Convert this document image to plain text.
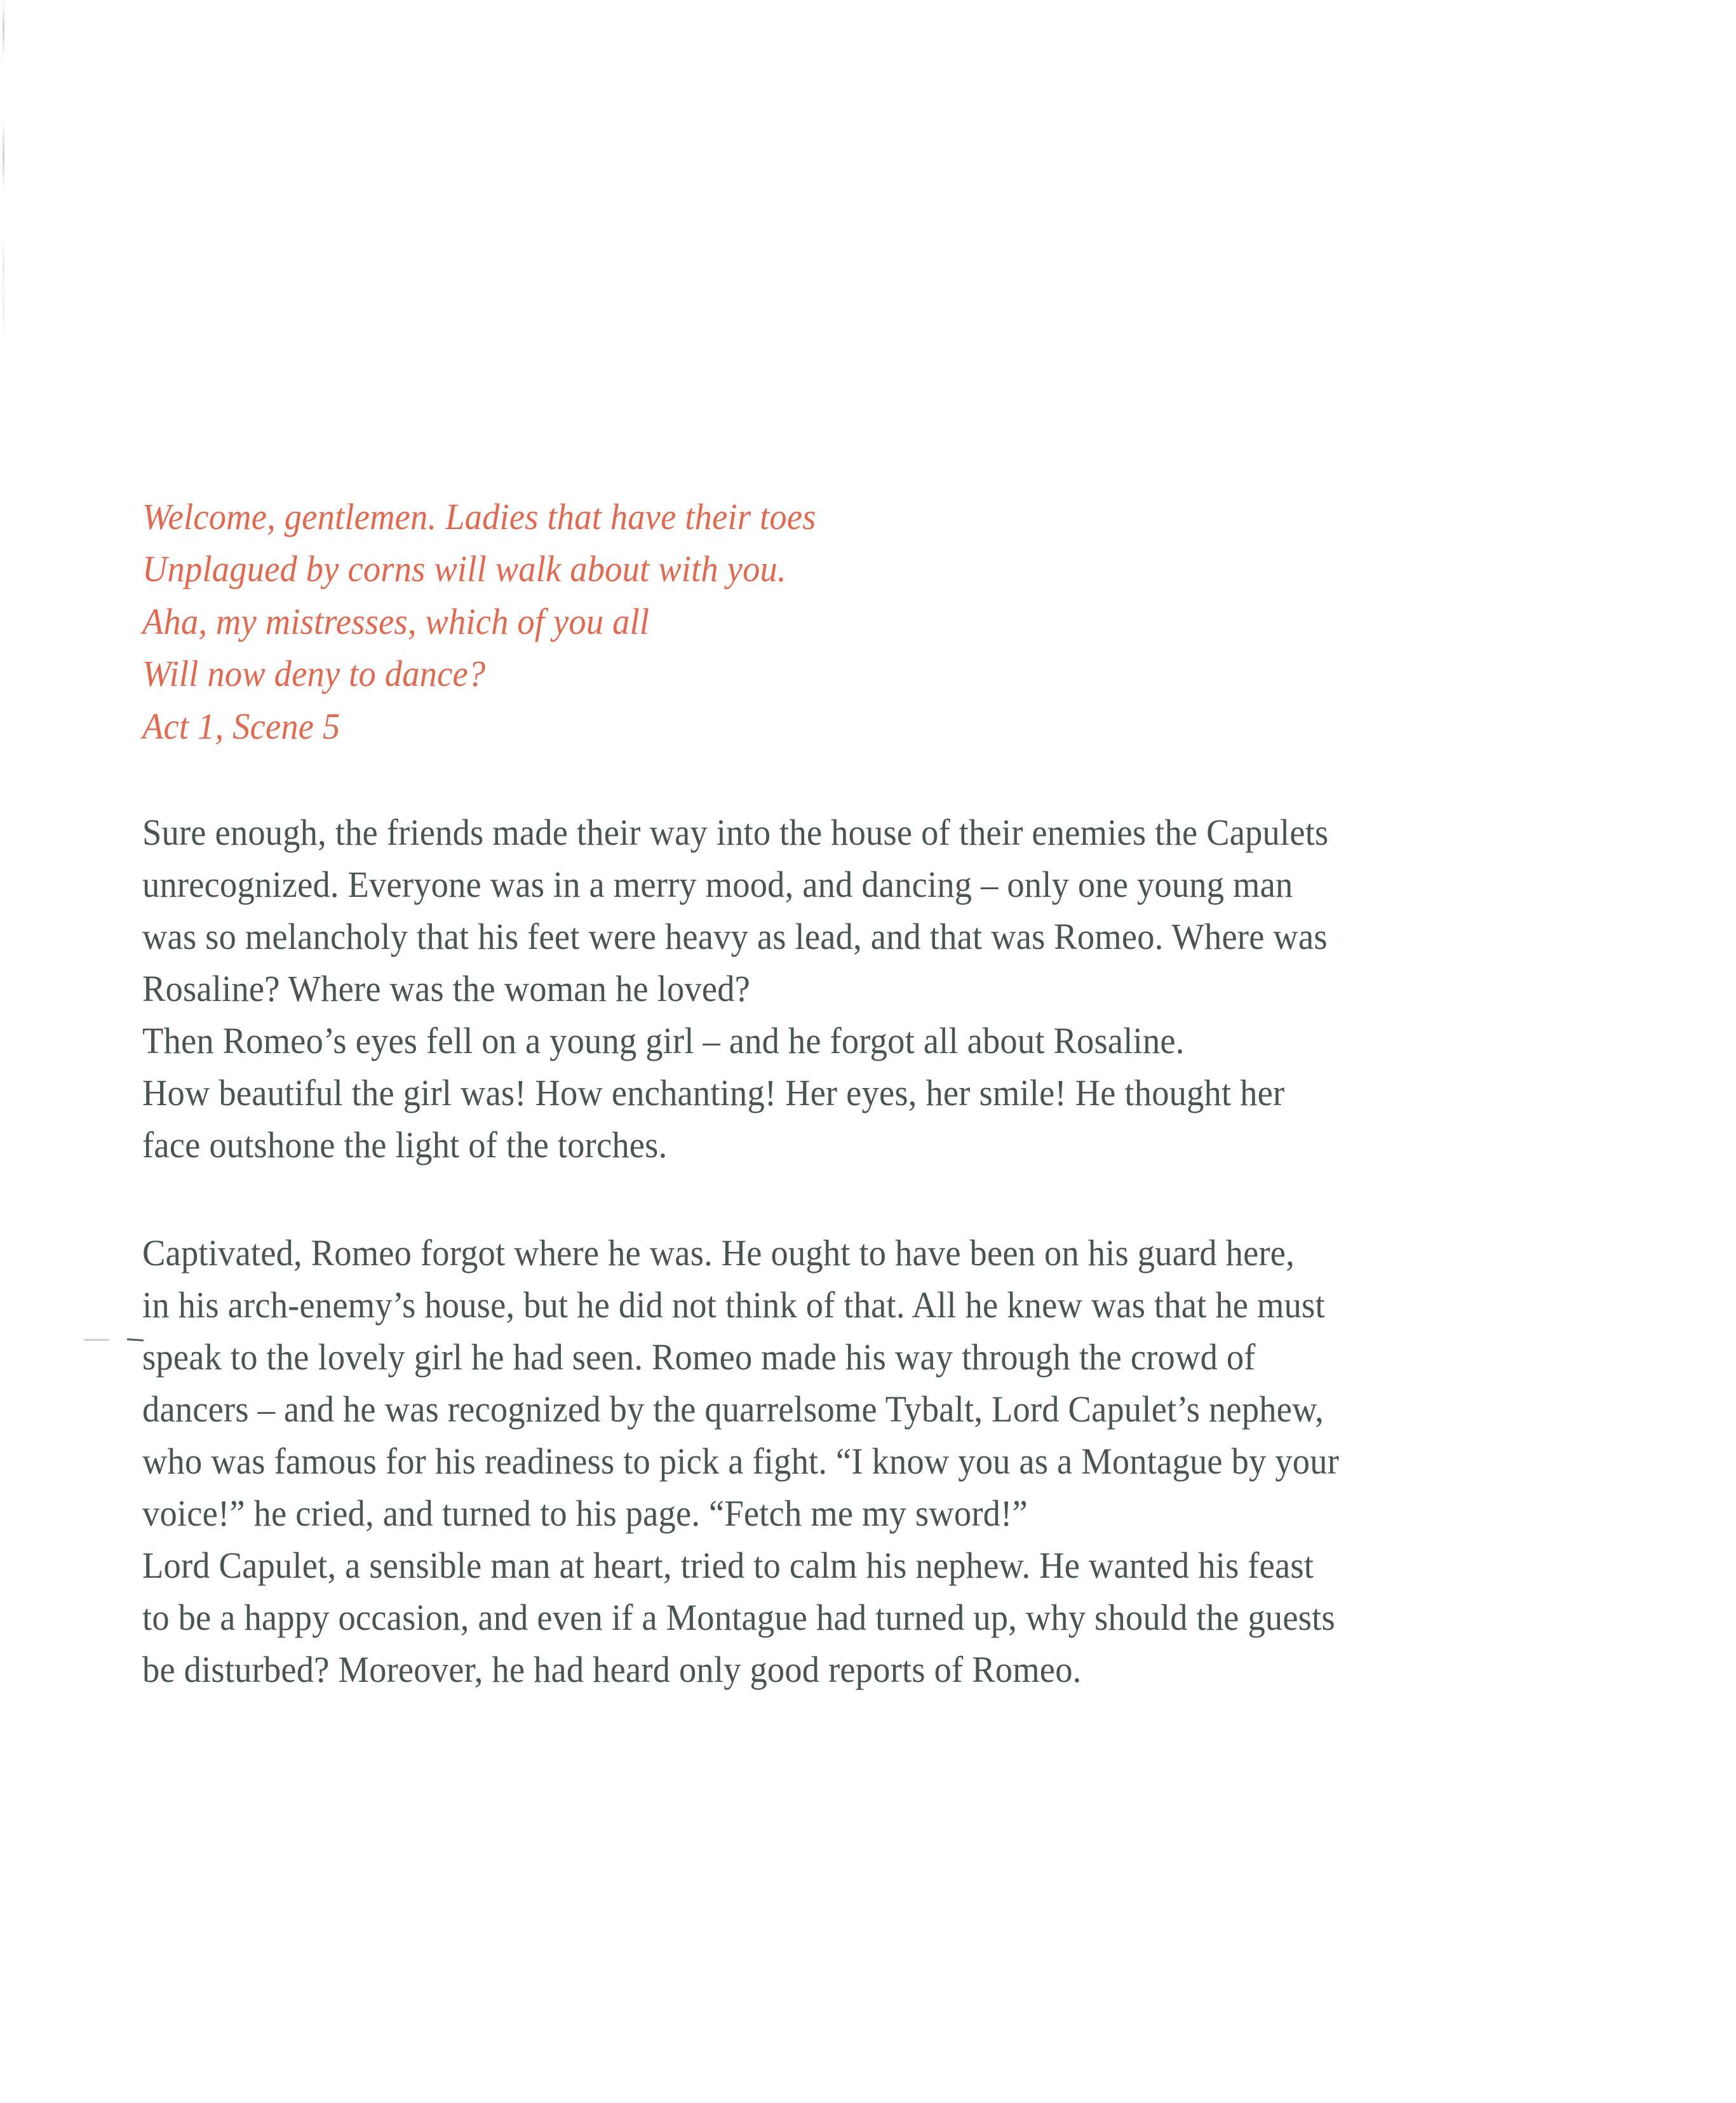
Welcome, gentlemen. Ladies that have their toes
Unplagued by corns will walk about with you.
Aha, my mistresses, which of you all
Will now deny to dance?
Act 1, Scene 5
Sure enough, the friends made their way into the house of their enemies the Capulets
unrecognized. Everyone was in a merry mood, and dancing – only one young man
was so melancholy that his feet were heavy as lead, and that was Romeo. Where was
Rosaline? Where was the woman he loved?
Then Romeo’s eyes fell on a young girl – and he forgot all about Rosaline.
How beautiful the girl was! How enchanting! Her eyes, her smile! He thought her
face outshone the light of the torches.
Captivated, Romeo forgot where he was. He ought to have been on his guard here,
in his arch-enemy’s house, but he did not think of that. All he knew was that he must
speak to the lovely girl he had seen. Romeo made his way through the crowd of
dancers – and he was recognized by the quarrelsome Tybalt, Lord Capulet’s nephew,
who was famous for his readiness to pick a fight. “I know you as a Montague by your
voice!” he cried, and turned to his page. “Fetch me my sword!”
Lord Capulet, a sensible man at heart, tried to calm his nephew. He wanted his feast
to be a happy occasion, and even if a Montague had turned up, why should the guests
be disturbed? Moreover, he had heard only good reports of Romeo.
